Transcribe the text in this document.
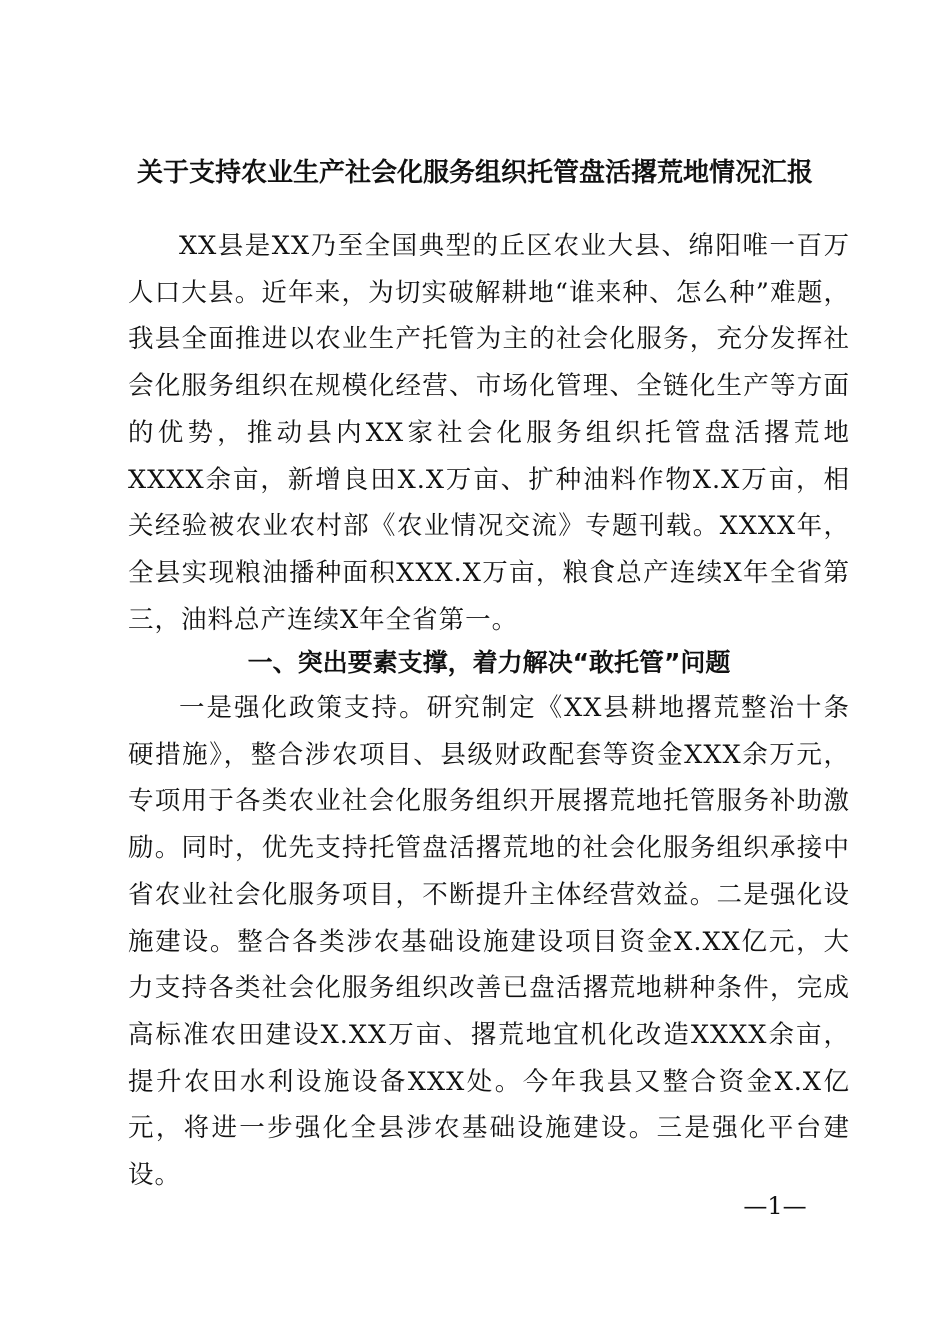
关于支持农业生产社会化服务组织托管盘活撂荒地情况汇报

XX县是XX乃至全国典型的丘区农业大县、绵阳唯一百万人口大县。近年来，为切实破解耕地“谁来种、怎么种”难题，我县全面推进以农业生产托管为主的社会化服务，充分发挥社会化服务组织在规模化经营、市场化管理、全链化生产等方面的优势，推动县内XX家社会化服务组织托管盘活撂荒地XXXX余亩，新增良田X.X万亩、扩种油料作物X.X万亩，相关经验被农业农村部《农业情况交流》专题刊载。XXXX年，全县实现粮油播种面积XXX.X万亩，粮食总产连续X年全省第三，油料总产连续X年全省第一。

一、突出要素支撑，着力解决“敢托管”问题

一是强化政策支持。研究制定《XX县耕地撂荒整治十条硬措施》，整合涉农项目、县级财政配套等资金XXX余万元，专项用于各类农业社会化服务组织开展撂荒地托管服务补助激励。同时，优先支持托管盘活撂荒地的社会化服务组织承接中省农业社会化服务项目，不断提升主体经营效益。二是强化设施建设。整合各类涉农基础设施建设项目资金X.XX亿元，大力支持各类社会化服务组织改善已盘活撂荒地耕种条件，完成高标准农田建设X.XX万亩、撂荒地宜机化改造XXXX余亩，提升农田水利设施设备XXX处。今年我县又整合资金X.X亿元，将进一步强化全县涉农基础设施建设。三是强化平台建设。

—1—
